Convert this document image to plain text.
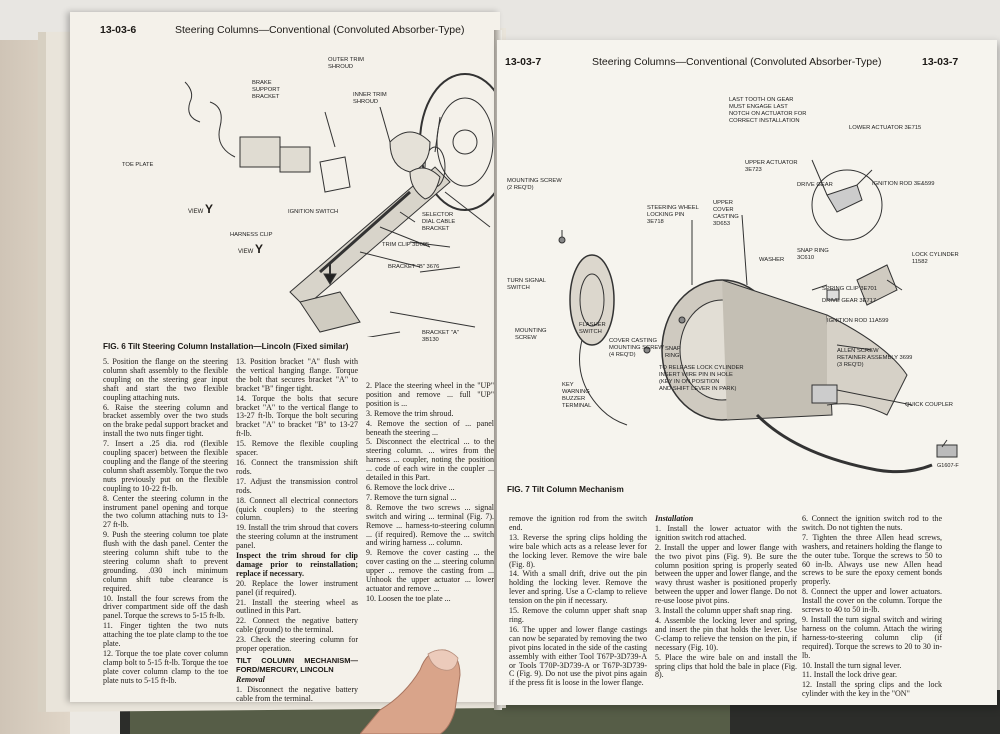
13-03-6	Steering Columns—Conventional (Convoluted Absorber-Type)
OUTER TRIM
SHROUD
BRAKE
SUPPORT
BRACKET	INNER TRIM
SHROUD
TOE PLATE
IGNITION SWITCH
HARNESS CLIP
SELECTOR
DIAL CABLE
BRACKET
TRIM CLIP 3D605
BRACKET "B" 3676
BRACKET "A"
3B130
VIEW Y
VIEW Y
FIG. 6 Tilt Steering Column Installation—Lincoln (Fixed similar)

5. Position the flange on the steering column shaft assembly to the flexible coupling on the steering gear input shaft and start the two flexible coupling attaching nuts.

6. Raise the steering column and bracket assembly over the two studs on the brake pedal support bracket and install the two nuts finger tight.

7. Insert a .25 dia. rod (flexible coupling spacer) between the flexible coupling and the flange of the steering column shaft assembly. Torque the two nuts previously put on the flexible coupling to 10-22 ft-lb.

8. Center the steering column in the instrument panel opening and torque the two column attaching nuts to 13-27 ft-lb.

9. Push the steering column toe plate flush with the dash panel. Center the steering column shift tube to the steering column shaft to prevent grounding. .030 inch minimum column shift tube clearance is required.

10. Install the four screws from the driver compartment side off the dash panel. Torque the screws to 5-15 ft-lb.

11. Finger tighten the two nuts attaching the toe plate clamp to the toe plate.

12. Torque the toe plate cover column clamp bolt to 5-15 ft-lb. Torque the toe plate cover column clamp to the toe plate nuts to 5-15 ft-lb.

13. Position bracket "A" flush with the vertical hanging flange. Torque the bolt that secures bracket "A" to bracket "B" finger tight.

14. Torque the bolts that secure bracket "A" to the vertical flange to 13-27 ft-lb. Torque the bolt securing bracket "A" to bracket "B" to 13-27 ft-lb.

15. Remove the flexible coupling spacer.

16. Connect the transmission shift rods.

17. Adjust the transmission control rods.

18. Connect all electrical connectors (quick couplers) to the steering column.

19. Install the trim shroud that covers the steering column at the instrument panel.

Inspect the trim shroud for clip damage prior to reinstallation; replace if necessary.

20. Replace the lower instrument panel (if required).

21. Install the steering wheel as outlined in this Part.

22. Connect the negative battery cable (ground) to the terminal.

23. Check the steering column for proper operation.

TILT COLUMN MECHANISM—FORD/MERCURY, LINCOLN

Removal

1. Disconnect the negative battery cable from the terminal.

2. Place the steering wheel in the "UP" position and remove ... full "UP" position is ...

3. Remove the trim shroud.

4. Remove the section of ... panel beneath the steering ...

5. Disconnect the electrical ... to the steering column. ... wires from the harness ... coupler, noting the position ... code of each wire in the coupler ... detailed in this Part.

6. Remove the lock drive ...

7. Remove the turn signal ...

8. Remove the two screws ... signal switch and wiring ... terminal (Fig. 7). Remove ... harness-to-steering column ... (if required). Remove the ... switch and wiring harness ... column.

9. Remove the cover casting ... the cover casting on the ... steering column upper ... remove the casting from ... Unhook the upper actuator ... lower actuator and remove ...

10. Loosen the toe plate ...

13-03-7	Steering Columns—Conventional (Convoluted Absorber-Type)	13-03-7
LAST TOOTH ON GEAR
MUST ENGAGE LAST
NOTCH ON ACTUATOR FOR
CORRECT INSTALLATION
LOWER ACTUATOR 3E715
UPPER ACTUATOR
3E723
DRIVE GEAR	IGNITION ROD 3E&599
MOUNTING SCREW
(2 REQ'D)
STEERING WHEEL
LOCKING PIN
3E718
UPPER
COVER
CASTING
3D653
SNAP RING
3C610	LOCK CYLINDER
11582
WASHER
SPRING CLIP 3E701
DRIVE GEAR 3E717
IGNITION ROD 11A599
TURN SIGNAL
SWITCH
FLASHER
SWITCH
COVER CASTING
MOUNTING SCREW
(4 REQ'D)
SNAP
RING
TO RELEASE LOCK CYLINDER
INSERT WIRE PIN IN HOLE
(KEY IN ON POSITION
AND SHIFT LEVER IN PARK)
ALLEN SCREW
RETAINER ASSEMBLY 3699
(3 REQ'D)
MOUNTING
SCREW
KEY
WARNING
BUZZER
TERMINAL	QUICK COUPLER
G1607-F
FIG. 7 Tilt Column Mechanism

remove the ignition rod from the switch end.

13. Reverse the spring clips holding the wire bale which acts as a release lever for the locking lever. Remove the wire bale (Fig. 8).

14. With a small drift, drive out the pin holding the locking lever. Remove the lever and spring. Use a C-clamp to relieve tension on the pin if necessary.

15. Remove the column upper shaft snap ring.

16. The upper and lower flange castings can now be separated by removing the two pivot pins located in the side of the casting assembly with either Tool T67P-3D739-A or Tools T70P-3D739-A or T67P-3D739-C (Fig. 9). Do not use the pivot pins again if the press fit is loose in the lower flange.

Installation

1. Install the lower actuator with the ignition switch rod attached.

2. Install the upper and lower flange with the two pivot pins (Fig. 9). Be sure the column position spring is properly seated between the upper and lower flange, and the wavy thrust washer is positioned properly between the upper and lower flange. Do not re-use loose pivot pins.

3. Install the column upper shaft snap ring.

4. Assemble the locking lever and spring, and insert the pin that holds the lever. Use C-clamp to relieve the tension on the pin, if necessary (Fig. 10).

5. Place the wire bale on and install the spring clips that hold the bale in place (Fig. 8).

6. Connect the ignition switch rod to the switch. Do not tighten the nuts.

7. Tighten the three Allen head screws, washers, and retainers holding the flange to the outer tube. Torque the screws to 50 to 60 in-lb. Always use new Allen head screws to be sure the epoxy cement bonds properly.

8. Connect the upper and lower actuators. Install the cover on the column. Torque the screws to 40 to 50 in-lb.

9. Install the turn signal switch and wiring harness on the column. Attach the wiring harness-to-steering column clip (if required). Torque the screws to 20 to 30 in-lb.

10. Install the turn signal lever.

11. Install the lock drive gear.

12. Install the spring clips and the lock cylinder with the key in the "ON"
